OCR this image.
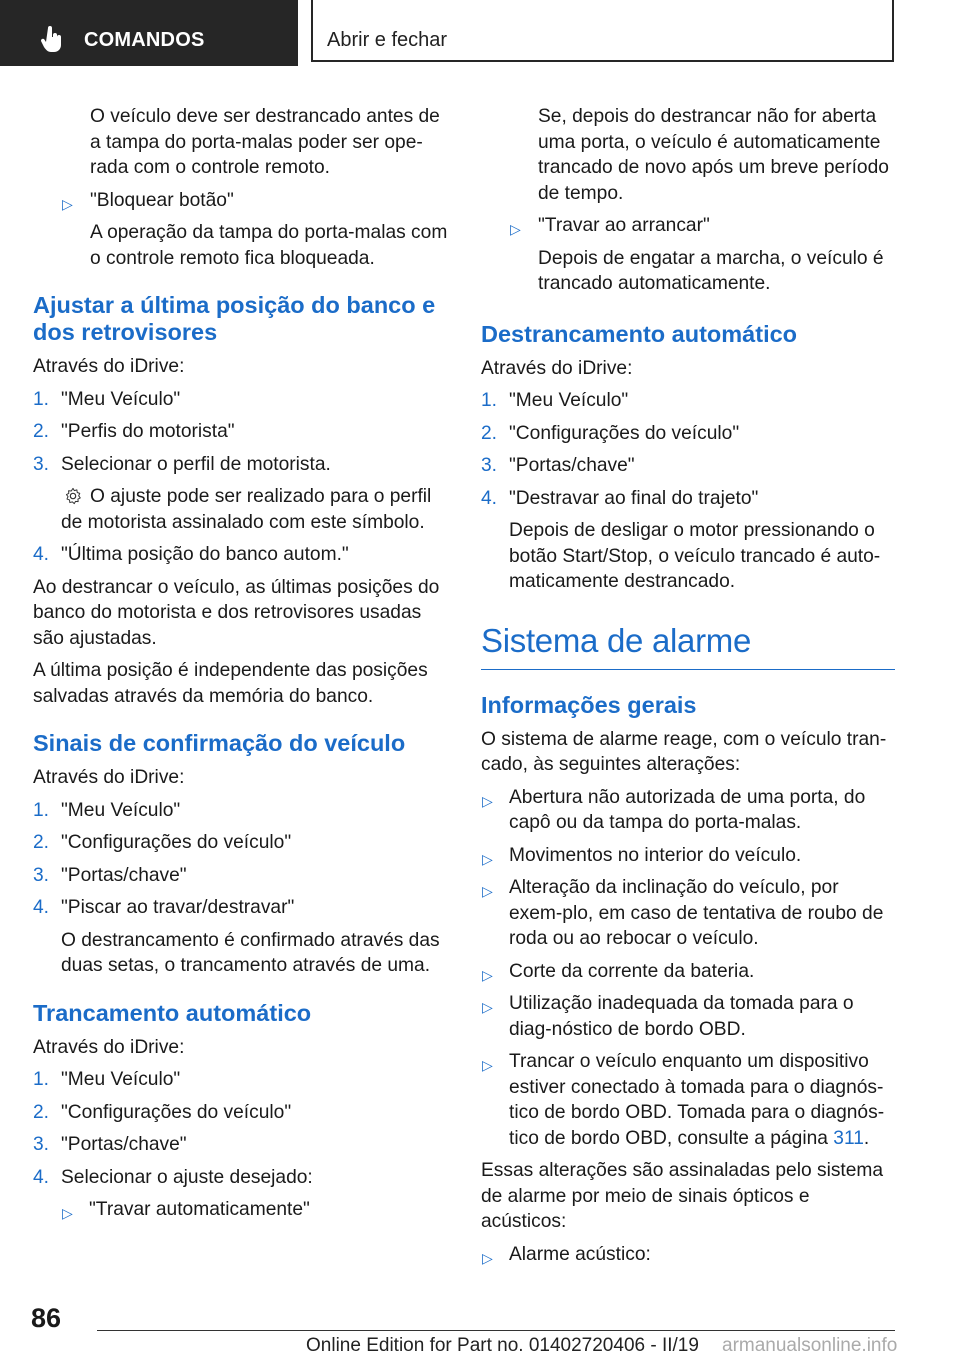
COMANDOS	Abrir e fechar
O veículo deve ser destrancado antes de a tampa do porta-malas poder ser ope-rada com o controle remoto.
▷ "Bloquear botão"
A operação da tampa do porta-malas com o controle remoto fica bloqueada.
Ajustar a última posição do banco e dos retrovisores
Através do iDrive:
1. "Meu Veículo"
2. "Perfis do motorista"
3. Selecionar o perfil de motorista.
O ajuste pode ser realizado para o perfil de motorista assinalado com este símbolo.
4. "Última posição do banco autom."
Ao destrancar o veículo, as últimas posições do banco do motorista e dos retrovisores usadas são ajustadas.
A última posição é independente das posições salvadas através da memória do banco.
Sinais de confirmação do veículo
Através do iDrive:
1. "Meu Veículo"
2. "Configurações do veículo"
3. "Portas/chave"
4. "Piscar ao travar/destravar"
O destrancamento é confirmado através das duas setas, o trancamento através de uma.
Trancamento automático
Através do iDrive:
1. "Meu Veículo"
2. "Configurações do veículo"
3. "Portas/chave"
4. Selecionar o ajuste desejado:
▷ "Travar automaticamente"
Se, depois do destrancar não for aberta uma porta, o veículo é automaticamente trancado de novo após um breve período de tempo.
▷ "Travar ao arrancar"
Depois de engatar a marcha, o veículo é trancado automaticamente.
Destrancamento automático
Através do iDrive:
1. "Meu Veículo"
2. "Configurações do veículo"
3. "Portas/chave"
4. "Destravar ao final do trajeto"
Depois de desligar o motor pressionando o botão Start/Stop, o veículo trancado é auto-maticamente destrancado.
Sistema de alarme
Informações gerais
O sistema de alarme reage, com o veículo tran-cado, às seguintes alterações:
▷ Abertura não autorizada de uma porta, do capô ou da tampa do porta-malas.
▷ Movimentos no interior do veículo.
▷ Alteração da inclinação do veículo, por exem-plo, em caso de tentativa de roubo de roda ou ao rebocar o veículo.
▷ Corte da corrente da bateria.
▷ Utilização inadequada da tomada para o diag-nóstico de bordo OBD.
▷ Trancar o veículo enquanto um dispositivo estiver conectado à tomada para o diagnós-tico de bordo OBD. Tomada para o diagnós-tico de bordo OBD, consulte a página 311.
Essas alterações são assinaladas pelo sistema de alarme por meio de sinais ópticos e acústicos:
▷ Alarme acústico:
86
Online Edition for Part no. 01402720406 - II/19 armanualsonline.info
